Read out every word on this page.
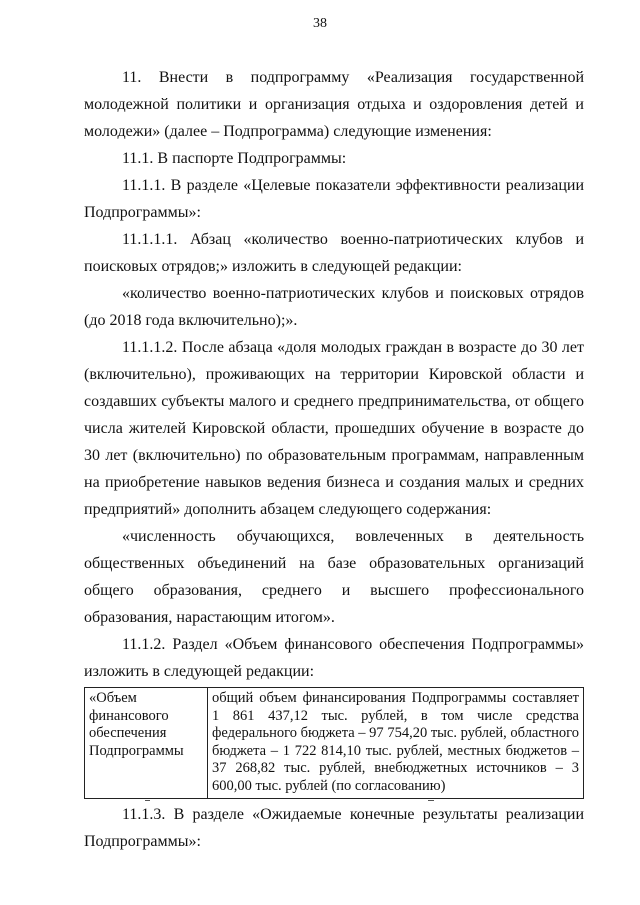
38

11. Внести в подпрограмму «Реализация государственной молодежной политики и организация отдыха и оздоровления детей и молодежи» (далее – Подпрограмма) следующие изменения:

11.1. В паспорте Подпрограммы:

11.1.1. В разделе «Целевые показатели эффективности реализации Подпрограммы»:

11.1.1.1. Абзац «количество военно-патриотических клубов и поисковых отрядов;» изложить в следующей редакции:

«количество военно-патриотических клубов и поисковых отрядов (до 2018 года включительно);».

11.1.1.2. После абзаца «доля молодых граждан в возрасте до 30 лет (включительно), проживающих на территории Кировской области и создавших субъекты малого и среднего предпринимательства, от общего числа жителей Кировской области, прошедших обучение в возрасте до 30 лет (включительно) по образовательным программам, направленным на приобретение навыков ведения бизнеса и создания малых и средних предприятий» дополнить абзацем следующего содержания:

«численность обучающихся, вовлеченных в деятельность общественных объединений на базе образовательных организаций общего образования, среднего и высшего профессионального образования, нарастающим итогом».

11.1.2. Раздел «Объем финансового обеспечения Подпрограммы» изложить в следующей редакции:

«Объем финансового обеспечения Подпрограммы	общий объем финансирования Подпрограммы составляет 1 861 437,12 тыс. рублей, в том числе средства федерального бюджета – 97 754,20 тыс. рублей, областного бюджета – 1 722 814,10 тыс. рублей, местных бюджетов – 37 268,82 тыс. рублей, внебюджетных источников – 3 600,00 тыс. рублей (по согласованию)

11.1.3. В разделе «Ожидаемые конечные результаты реализации Подпрограммы»:
